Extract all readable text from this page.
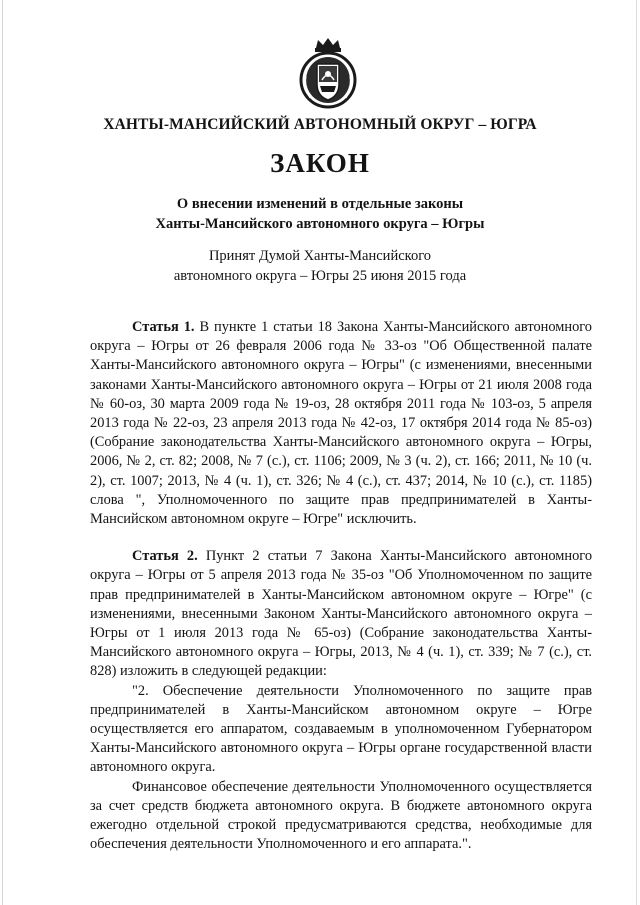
ХАНТЫ-МАНСИЙСКИЙ АВТОНОМНЫЙ ОКРУГ – ЮГРА
ЗАКОН
О внесении изменений в отдельные законы
Ханты-Мансийского автономного округа – Югры
Принят Думой Ханты-Мансийского
автономного округа – Югры 25 июня 2015 года

Статья 1. В пункте 1 статьи 18 Закона Ханты-Мансийского автономного округа – Югры от 26 февраля 2006 года № 33-оз "Об Общественной палате Ханты-Мансийского автономного округа – Югры" (с изменениями, внесенными законами Ханты-Мансийского автономного округа – Югры от 21 июля 2008 года № 60-оз, 30 марта 2009 года № 19-оз, 28 октября 2011 года № 103-оз, 5 апреля 2013 года № 22-оз, 23 апреля 2013 года № 42-оз, 17 октября 2014 года № 85-оз) (Собрание законодательства Ханты-Мансийского автономного округа – Югры, 2006, № 2, ст. 82; 2008, № 7 (с.), ст. 1106; 2009, № 3 (ч. 2), ст. 166; 2011, № 10 (ч. 2), ст. 1007; 2013, № 4 (ч. 1), ст. 326; № 4 (с.), ст. 437; 2014, № 10 (с.), ст. 1185) слова ", Уполномоченного по защите прав предпринимателей в Ханты-Мансийском автономном округе – Югре" исключить.

Статья 2. Пункт 2 статьи 7 Закона Ханты-Мансийского автономного округа – Югры от 5 апреля 2013 года № 35-оз "Об Уполномоченном по защите прав предпринимателей в Ханты-Мансийском автономном округе – Югре" (с изменениями, внесенными Законом Ханты-Мансийского автономного округа – Югры от 1 июля 2013 года № 65-оз) (Собрание законодательства Ханты-Мансийского автономного округа – Югры, 2013, № 4 (ч. 1), ст. 339; № 7 (с.), ст. 828) изложить в следующей редакции:

"2. Обеспечение деятельности Уполномоченного по защите прав предпринимателей в Ханты-Мансийском автономном округе – Югре осуществляется его аппаратом, создаваемым в уполномоченном Губернатором Ханты-Мансийского автономного округа – Югры органе государственной власти автономного округа.

Финансовое обеспечение деятельности Уполномоченного осуществляется за счет средств бюджета автономного округа. В бюджете автономного округа ежегодно отдельной строкой предусматриваются средства, необходимые для обеспечения деятельности Уполномоченного и его аппарата.".
